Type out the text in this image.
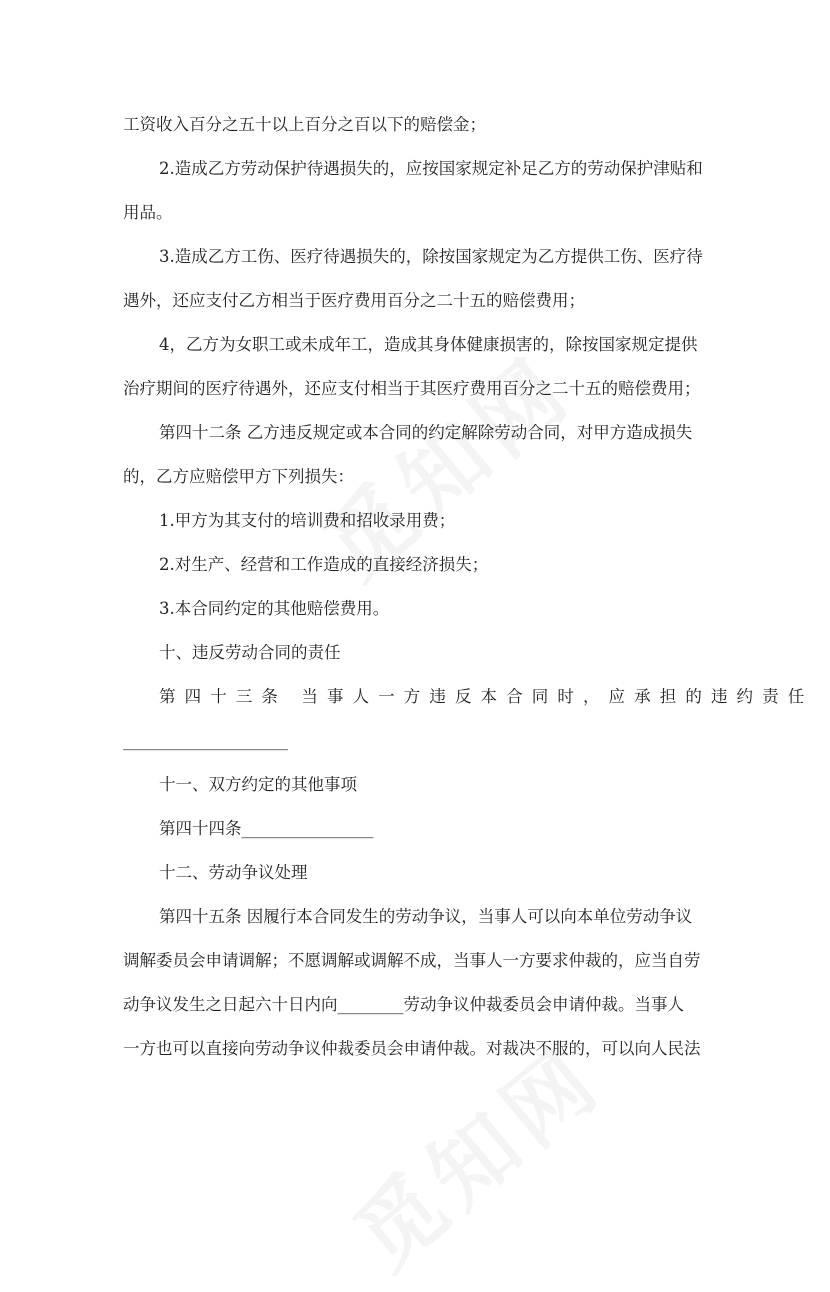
工资收入百分之五十以上百分之百以下的赔偿金；
2.造成乙方劳动保护待遇损失的，应按国家规定补足乙方的劳动保护津贴和
用品。
3.造成乙方工伤、医疗待遇损失的，除按国家规定为乙方提供工伤、医疗待
遇外，还应支付乙方相当于医疗费用百分之二十五的赔偿费用；
4，乙方为女职工或未成年工，造成其身体健康损害的，除按国家规定提供
治疗期间的医疗待遇外，还应支付相当于其医疗费用百分之二十五的赔偿费用；
第四十二条 乙方违反规定或本合同的约定解除劳动合同，对甲方造成损失
的，乙方应赔偿甲方下列损失：
1.甲方为其支付的培训费和招收录用费；
2.对生产、经营和工作造成的直接经济损失；
3.本合同约定的其他赔偿费用。
十、违反劳动合同的责任
第四十三条 当事人一方违反本合同时，应承担的违约责任
____________________
十一、双方约定的其他事项
第四十四条________________
十二、劳动争议处理
第四十五条 因履行本合同发生的劳动争议，当事人可以向本单位劳动争议
调解委员会申请调解；不愿调解或调解不成，当事人一方要求仲裁的，应当自劳
动争议发生之日起六十日内向________劳动争议仲裁委员会申请仲裁。当事人
一方也可以直接向劳动争议仲裁委员会申请仲裁。对裁决不服的，可以向人民法
